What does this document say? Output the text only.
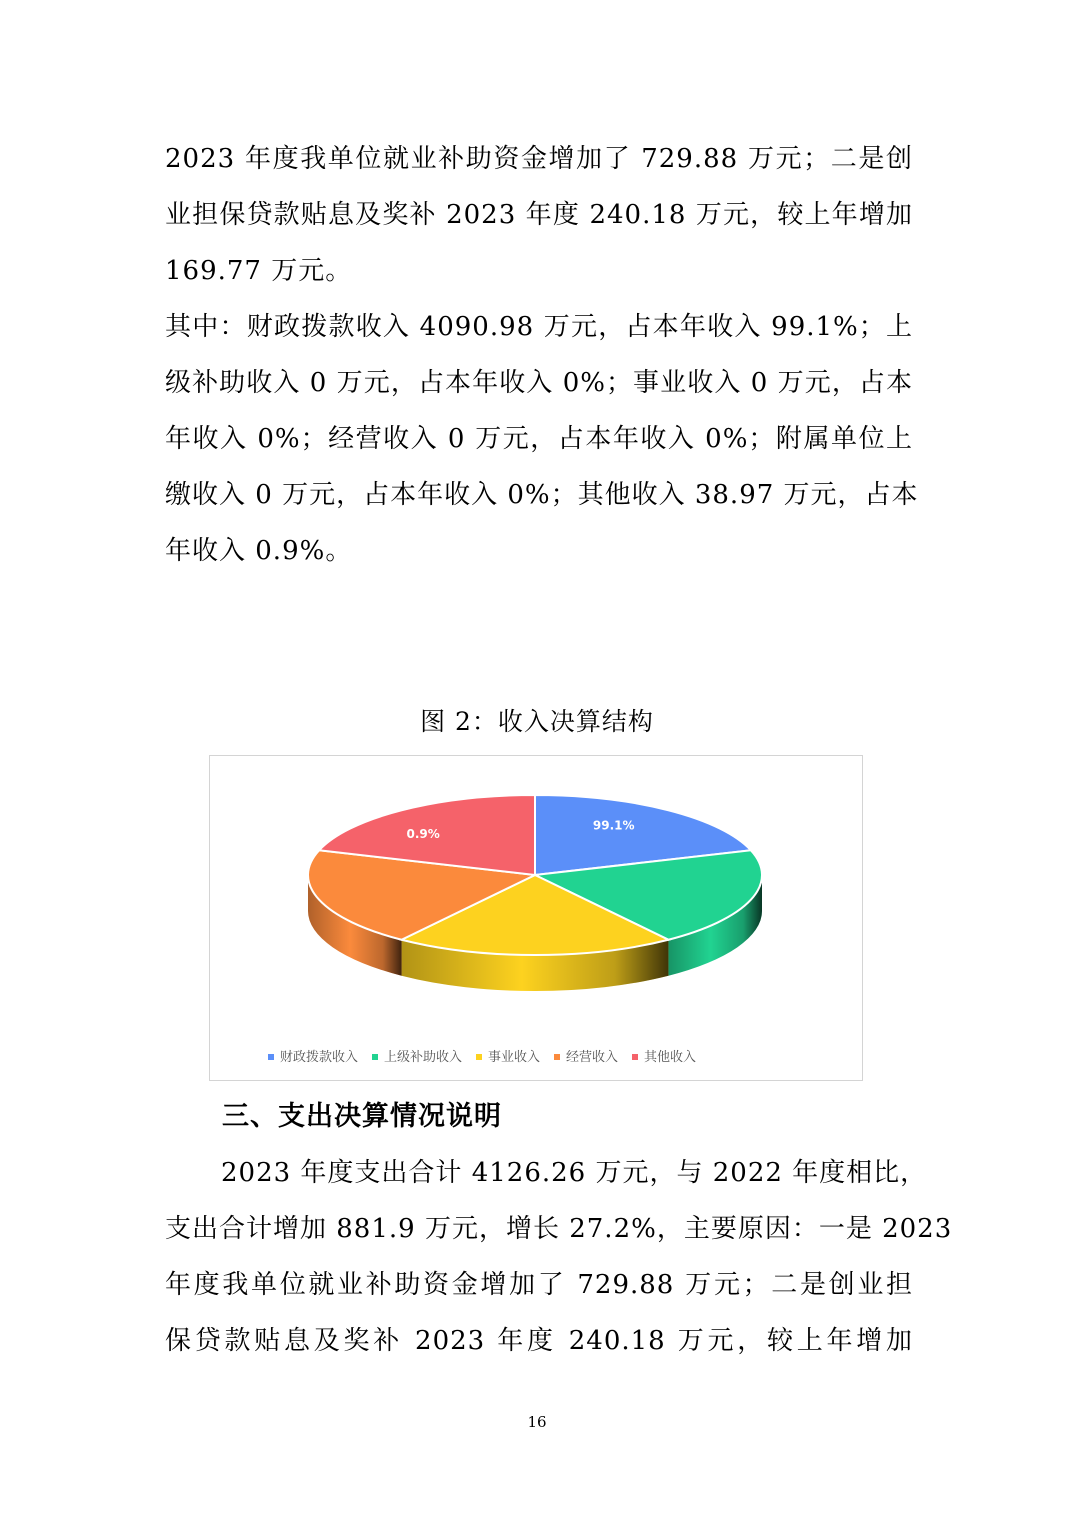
2023 年度我单位就业补助资金增加了 729.88 万元；二是创
业担保贷款贴息及奖补 2023 年度 240.18 万元，较上年增加
169.77 万元。
其中：财政拨款收入 4090.98 万元，占本年收入 99.1%；上
级补助收入 0 万元，占本年收入 0%；事业收入 0 万元，占本
年收入 0%；经营收入 0 万元，占本年收入 0%；附属单位上
缴收入 0 万元，占本年收入 0%；其他收入 38.97 万元，占本
年收入 0.9%。
图 2：收入决算结构
99.1%
0.9%
财政拨款收入 上级补助收入 事业收入 经营收入 其他收入
三、支出决算情况说明
2023 年度支出合计 4126.26 万元，与 2022 年度相比，
支出合计增加 881.9 万元，增长 27.2%，主要原因：一是 2023
年度我单位就业补助资金增加了 729.88 万元；二是创业担
保贷款贴息及奖补 2023 年度 240.18 万元，较上年增加
16
